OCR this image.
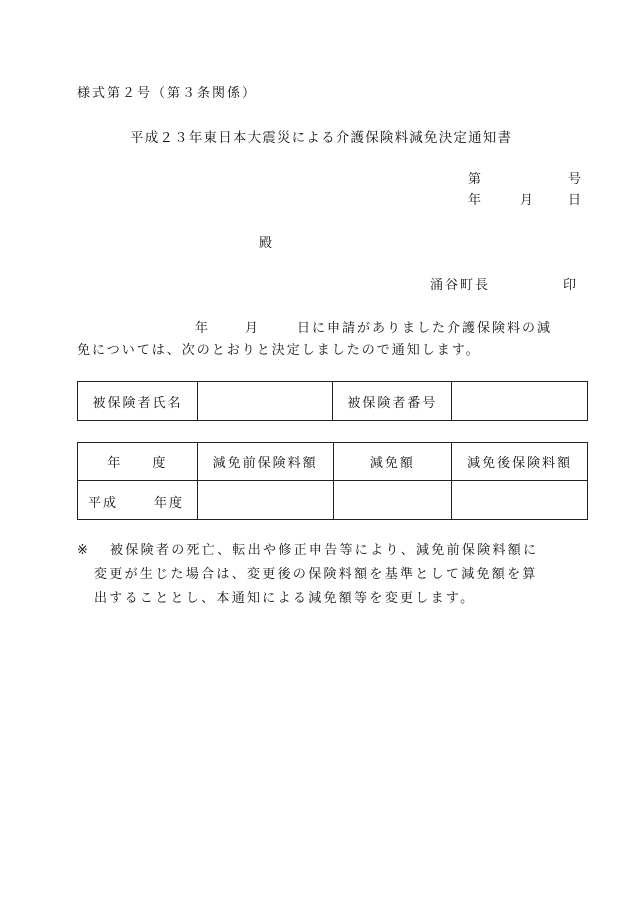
様式第２号（第３条関係）
平成２３年東日本大震災による介護保険料減免決定通知書
第	号
年	月	日
殿
涌谷町長	印
年	月	日に申請がありました介護保険料の減
免については、次のとおりと決定しましたので通知します。
被保険者氏名		被保険者番号	
年　　度	減免前保険料額	減免額	減免後保険料額

平成 年度			

※ 被保険者の死亡、転出や修正申告等により、減免前保険料額に
変更が生じた場合は、変更後の保険料額を基準として減免額を算
出することとし、本通知による減免額等を変更します。
